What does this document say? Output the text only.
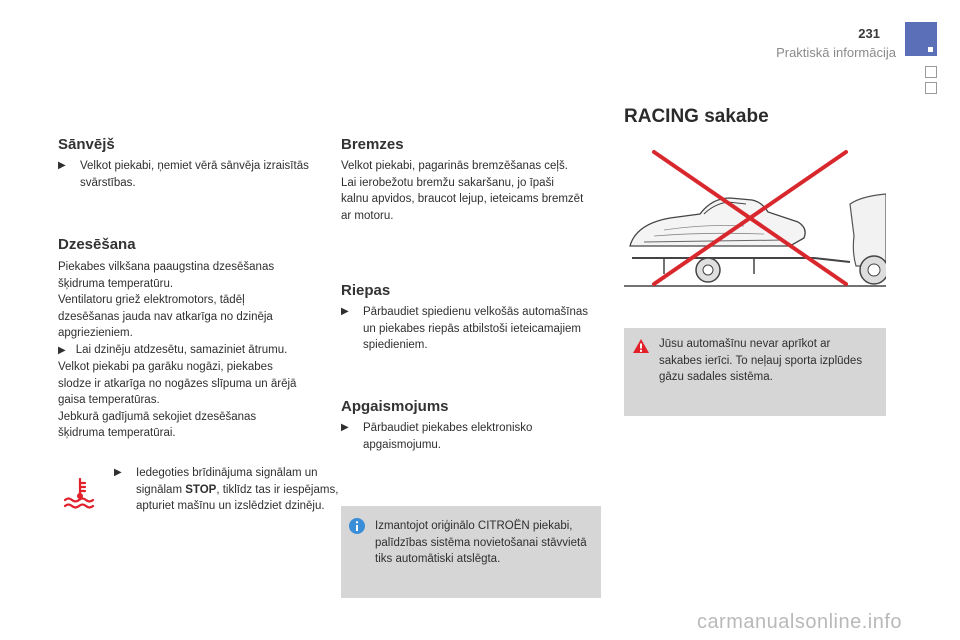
231
Praktiskā informācija
Sānvējš
▶ Velkot piekabi, ņemiet vērā sānvēja izraisītās svārstības.
Dzesēšana
Piekabes vilkšana paaugstina dzesēšanas
šķidruma temperatūru.
Ventilatoru griež elektromotors, tādēļ
dzesēšanas jauda nav atkarīga no dzinēja
apgriezieniem.
▶ Lai dzinēju atdzesētu, samaziniet ātrumu.
Velkot piekabi pa garāku nogāzi, piekabes
slodze ir atkarīga no nogāzes slīpuma un ārējā
gaisa temperatūras.
Jebkurā gadījumā sekojiet dzesēšanas
šķidruma temperatūrai.
▶ Iedegoties brīdinājuma signālam un signālam STOP, tiklīdz tas ir iespējams, apturiet mašīnu un izslēdziet dzinēju.
Bremzes
Velkot piekabi, pagarinās bremzēšanas ceļš.
Lai ierobežotu bremžu sakaršanu, jo īpaši
kalnu apvidos, braucot lejup, ieteicams bremzēt
ar motoru.
Riepas
▶ Pārbaudiet spiedienu velkošās automašīnas un piekabes riepās atbilstoši ieteicamajiem spiedieniem.
Apgaismojums
▶ Pārbaudiet piekabes elektronisko apgaismojumu.
Izmantojot oriģinālo CITROËN piekabi, palīdzības sistēma novietošanai stāvvietā tiks automātiski atslēgta.
RACING sakabe
Jūsu automašīnu nevar aprīkot ar sakabes ierīci. To neļauj sporta izplūdes gāzu sadales sistēma.
carmanualsonline.info
